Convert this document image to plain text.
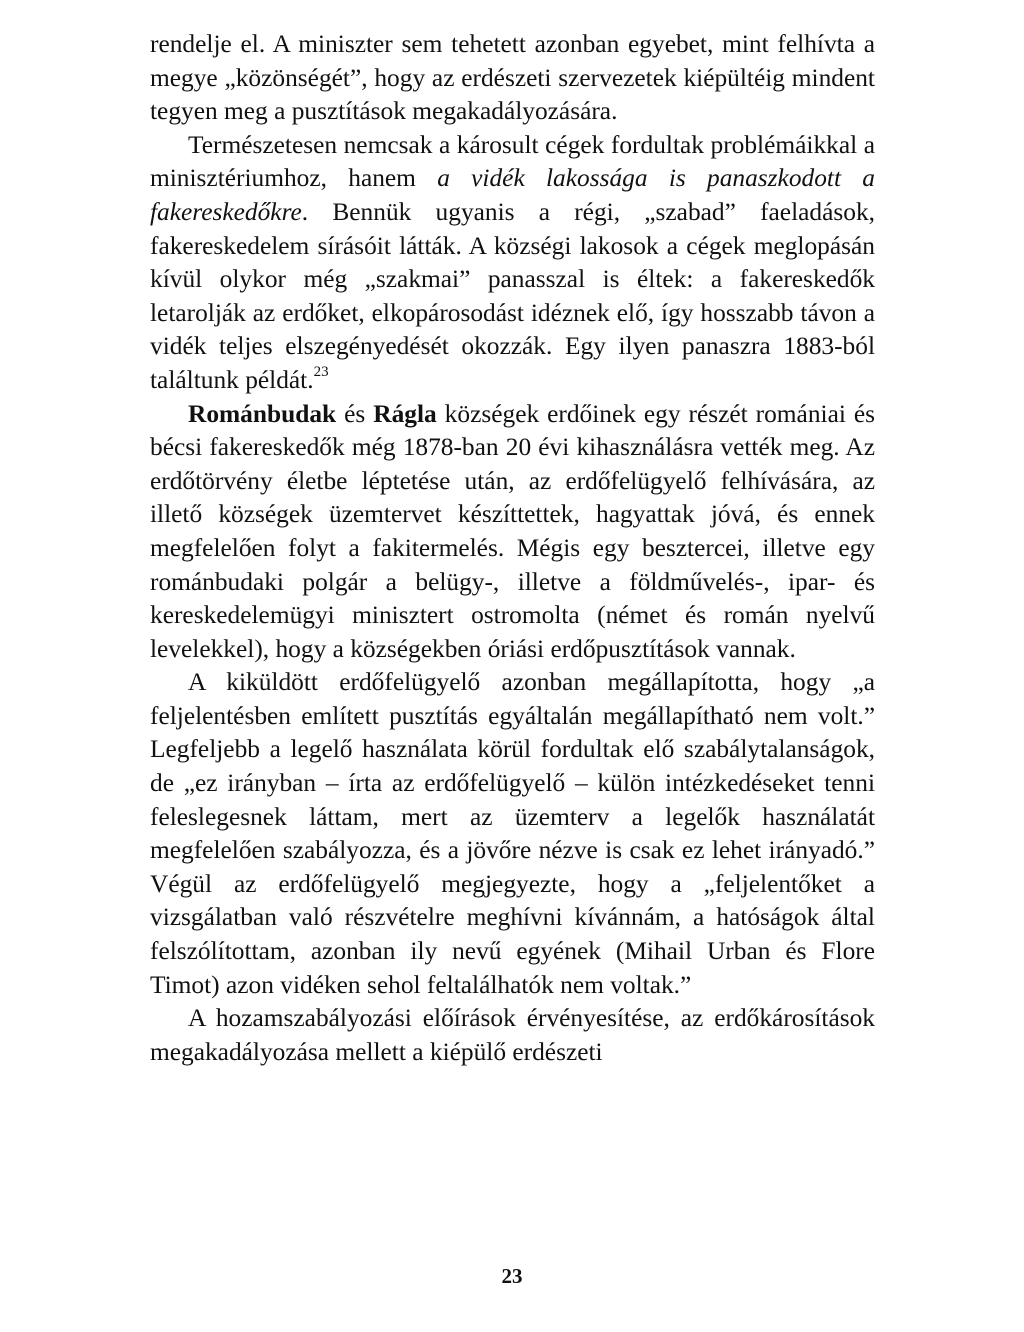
rendelje el. A miniszter sem tehetett azonban egyebet, mint felhívta a megye „közönségét”, hogy az erdészeti szervezetek kiépültéig mindent tegyen meg a pusztítások megakadályozására.

Természetesen nemcsak a károsult cégek fordultak problémáikkal a minisztériumhoz, hanem a vidék lakossága is panaszkodott a fakereskedőkre. Bennük ugyanis a régi, „szabad” faeladások, fakereskedelem sírásóit látták. A községi lakosok a cégek meglopásán kívül olykor még „szakmai” panasszal is éltek: a fakereskedők letarolják az erdőket, elkopárosodást idéznek elő, így hosszabb távon a vidék teljes elszegényedését okozzák. Egy ilyen panaszra 1883-ból találtunk példát.$^{23}$

Románbudak és Rágla községek erdőinek egy részét romániai és bécsi fakereskedők még 1878-ban 20 évi kihasználásra vették meg. Az erdőtörvény életbe léptetése után, az erdőfelügyelő felhívására, az illető községek üzemtervet készíttettek, hagyattak jóvá, és ennek megfelelően folyt a fakitermelés. Mégis egy besztercei, illetve egy románbudaki polgár a belügy-, illetve a földművelés-, ipar- és kereskedelemügyi minisztert ostromolta (német és román nyelvű levelekkel), hogy a községekben óriási erdőpusztítások vannak.

A kiküldött erdőfelügyelő azonban megállapította, hogy „a feljelentésben említett pusztítás egyáltalán megállapítható nem volt.” Legfeljebb a legelő használata körül fordultak elő szabálytalanságok, de „ez irányban – írta az erdőfelügyelő – külön intézkedéseket tenni feleslegesnek láttam, mert az üzemterv a legelők használatát megfelelően szabályozza, és a jövőre nézve is csak ez lehet irányadó.” Végül az erdőfelügyelő megjegyezte, hogy a „feljelentőket a vizsgálatban való részvételre meghívni kívánnám, a hatóságok által felszólítottam, azonban ily nevű egyének (Mihail Urban és Flore Timot) azon vidéken sehol feltalálhatók nem voltak.”

A hozamszabályozási előírások érvényesítése, az erdőkárosítások megakadályozása mellett a kiépülő erdészeti

23
